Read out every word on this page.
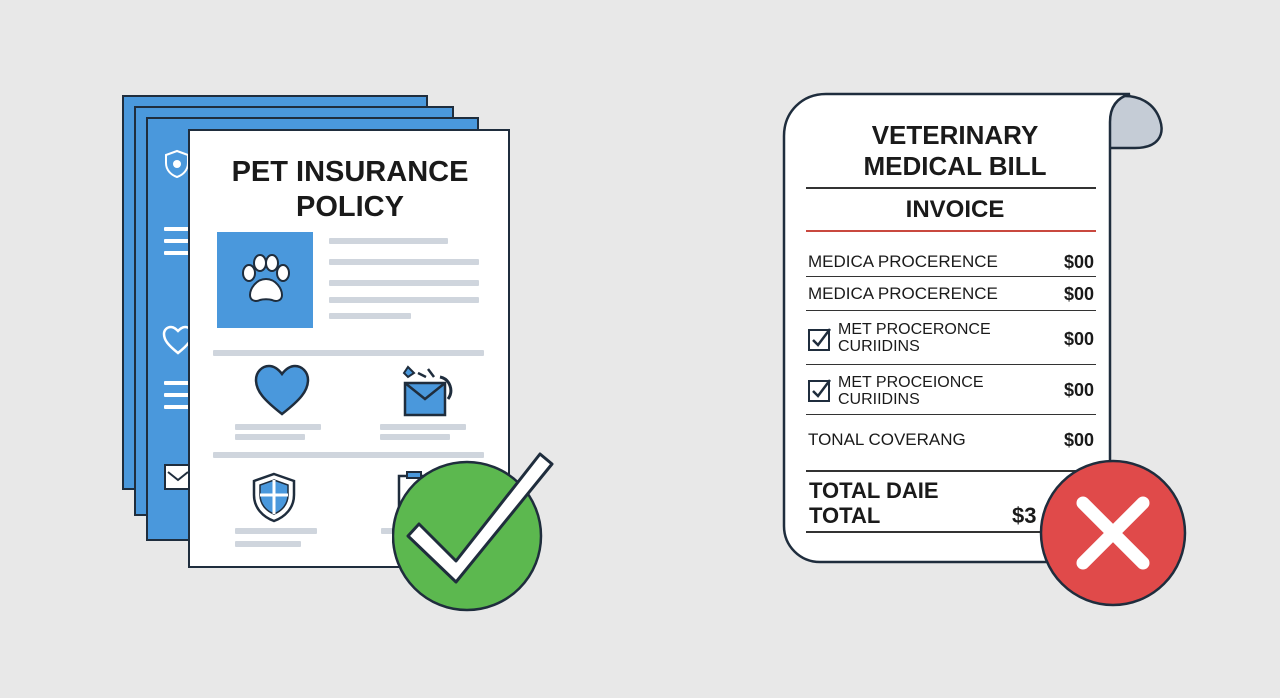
PET INSURANCE
POLICY
VETERINARY
MEDICAL BILL
INVOICE
MEDICA PROCERENCE	$00
MEDICA PROCERENCE	$00
MET PROCERONCE
CURIIDINS	$00
MET PROCEIONCE
CURIIDINS	$00
TONAL COVERANG	$00
TOTAL DAIE
TOTAL	$3
